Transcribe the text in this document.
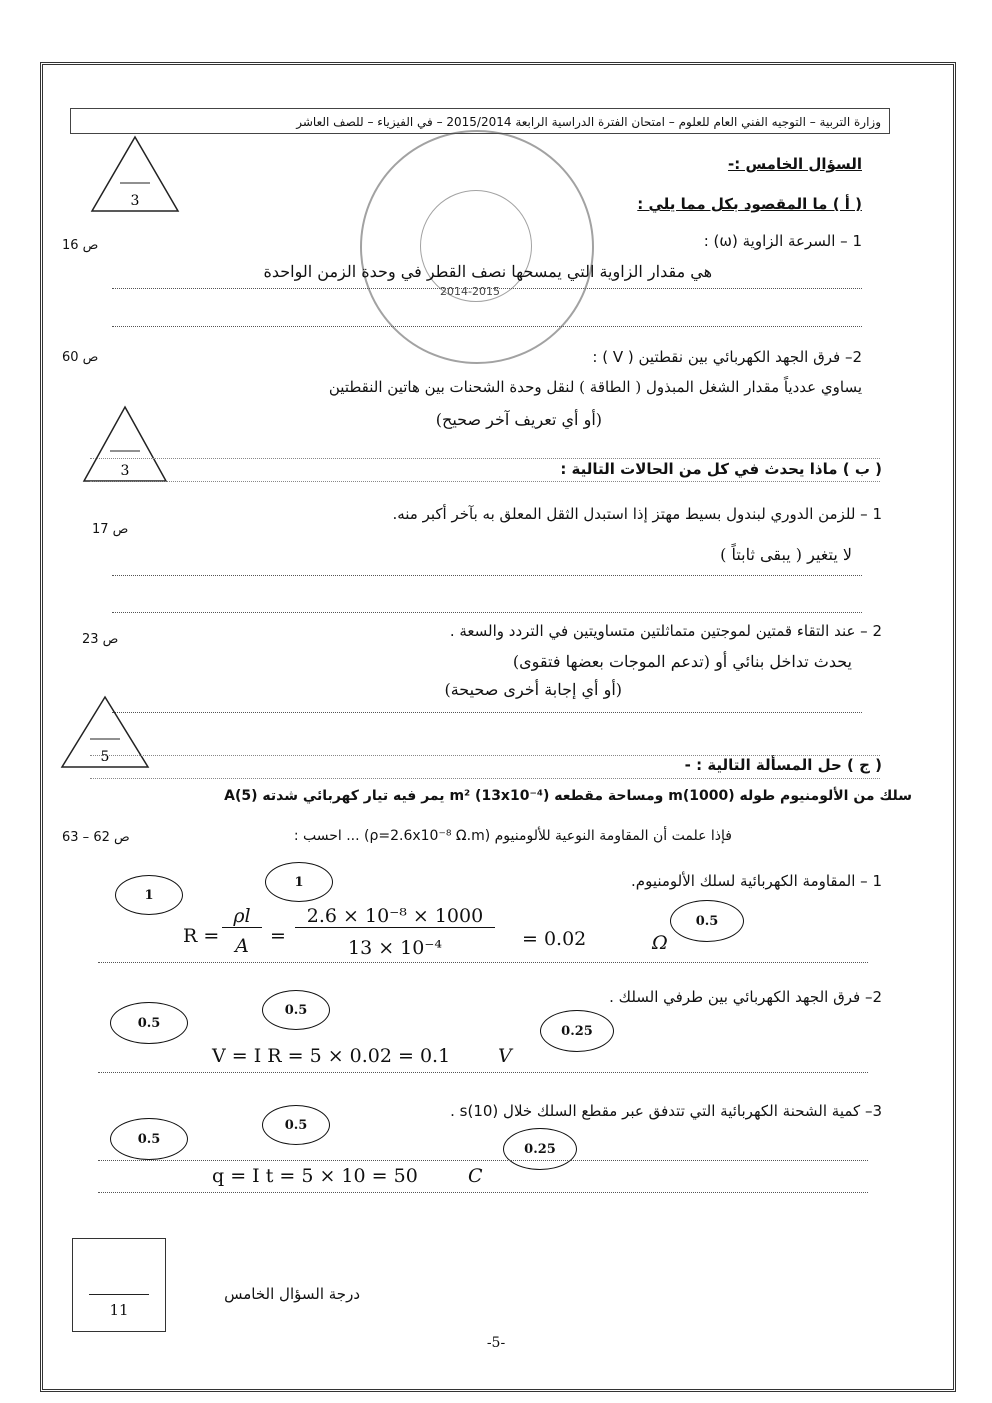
وزارة التربية – التوجيه الفني العام للعلوم – امتحان الفترة الدراسية الرابعة 2015/2014 – في الفيزياء – للصف العاشر
2014-2015
3
السؤال الخامس :-
( أ ) ما المقصود بكل مما يلي :
1 – السرعة الزاوية (ω) :
ص 16
هي مقدار الزاوية التي يمسحها نصف القطر في وحدة الزمن الواحدة
2– فرق الجهد الكهربائي بين نقطتين ( V ) :
ص 60
يساوي عددياً مقدار الشغل المبذول ( الطاقة ) لنقل وحدة الشحنات بين هاتين النقطتين
(أو أي تعريف آخر صحيح)
3	( ب ) ماذا يحدث في كل من الحالات التالية :
1 – للزمن الدوري لبندول بسيط مهتز إذا استبدل الثقل المعلق به بآخر أكبر منه.
ص 17
لا يتغير ( يبقى ثابتاً )
2 – عند التقاء قمتين لموجتين متماثلتين متساويتين في التردد والسعة .
ص 23
يحدث تداخل بنائي أو (تدعم الموجات بعضها فتقوى)
(أو أي إجابة أخرى صحيحة)
5	( ج ) حل المسألة التالية : -
سلك من الألومنيوم طوله (1000)m ومساحة مقطعه (13x10⁻⁴) m² يمر فيه تيار كهربائي شدته (5)A
فإذا علمت أن المقاومة النوعية للألومنيوم (ρ=2.6x10⁻⁸ Ω.m) ... احسب :
ص 62 – 63
1 – المقاومة الكهربائية لسلك الألومنيوم.
1
1
0.5
R =
ρl
A	=
2.6 × 10⁻⁸ × 1000
13 × 10⁻⁴	= 0.02	Ω
2– فرق الجهد الكهربائي بين طرفي السلك .
0.5
0.5
0.25
V = I R = 5 × 0.02 = 0.1	V
3– كمية الشحنة الكهربائية التي تتدفق عبر مقطع السلك خلال (10)s .
0.5
0.5
0.25
q = I t = 5 × 10 = 50	C
11
درجة السؤال الخامس
-5-
